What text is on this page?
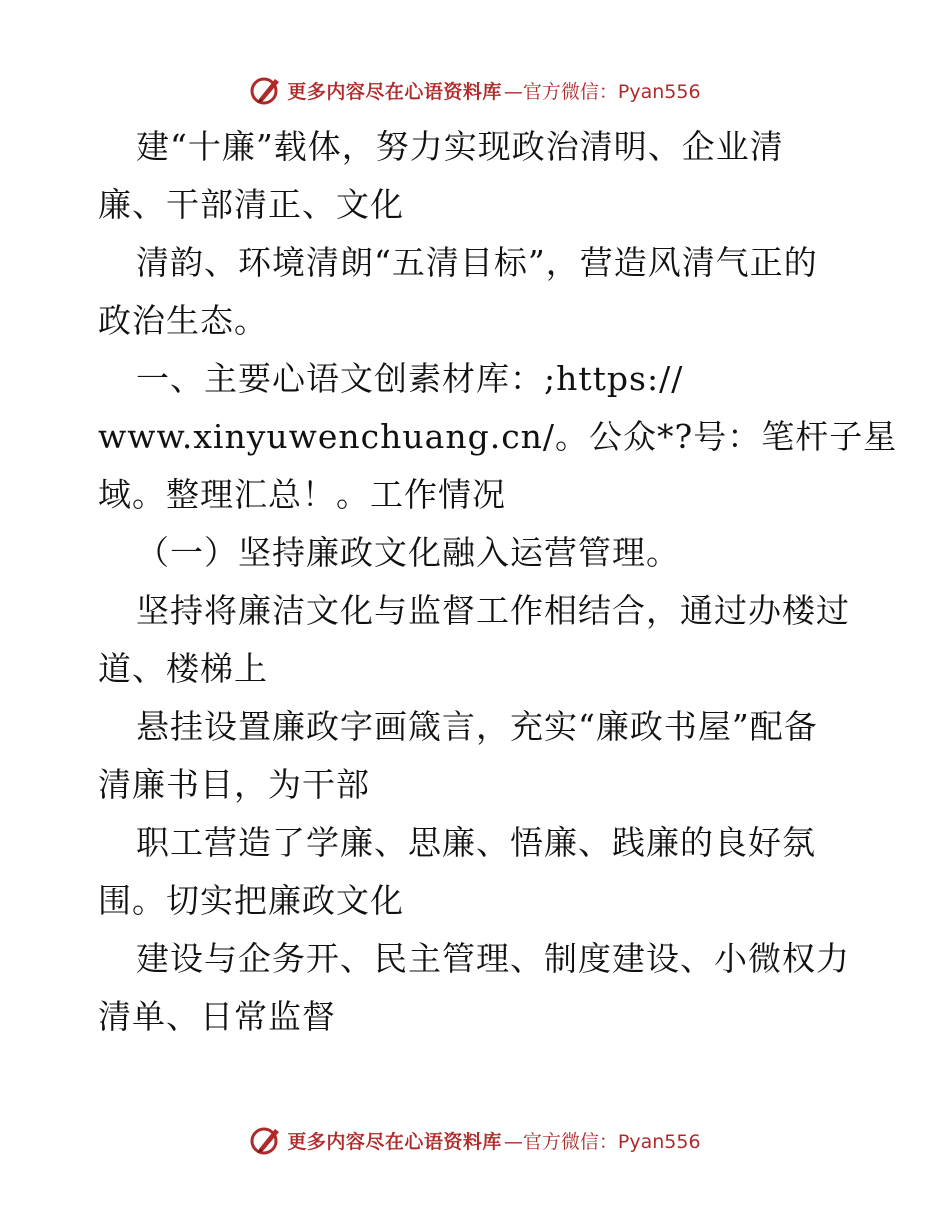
更多内容尽在心语资料库 —官方微信：Pyan556
建“十廉”载体，努力实现政治清明、企业清
廉、干部清正、文化
清韵、环境清朗“五清目标”，营造风清气正的
政治生态。
一、主要心语文创素材库：;https://
www.xinyuwenchuang.cn/。公众*?号：笔杆子星
域。整理汇总！。工作情况
（一）坚持廉政文化融入运营管理。
坚持将廉洁文化与监督工作相结合，通过办楼过
道、楼梯上
悬挂设置廉政字画箴言，充实“廉政书屋”配备
清廉书目，为干部
职工营造了学廉、思廉、悟廉、践廉的良好氛
围。切实把廉政文化
建设与企务开、民主管理、制度建设、小微权力
清单、日常监督
更多内容尽在心语资料库 —官方微信：Pyan556
